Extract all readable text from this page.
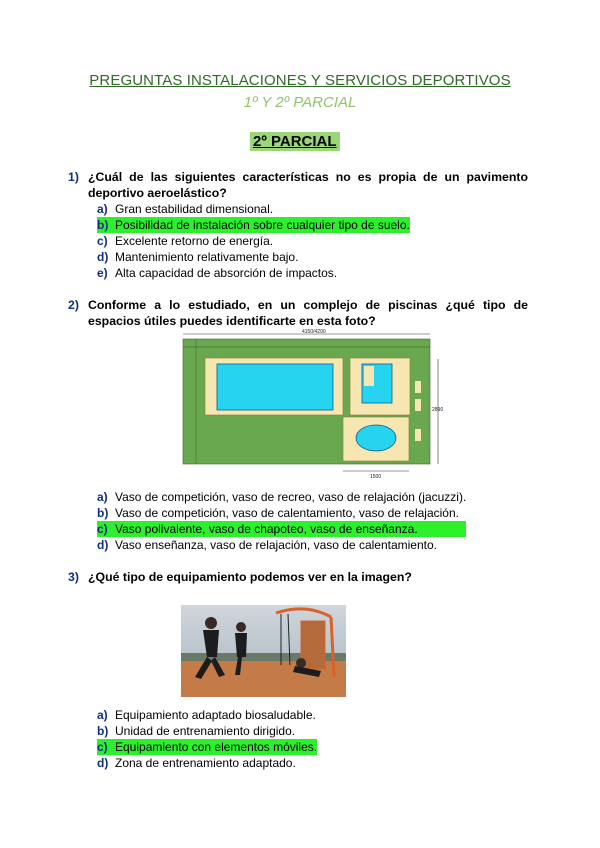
PREGUNTAS INSTALACIONES Y SERVICIOS DEPORTIVOS
1º Y 2º PARCIAL
2º PARCIAL
1) ¿Cuál de las siguientes características no es propia de un pavimento deportivo aeroelástico?
a) Gran estabilidad dimensional.
b) Posibilidad de instalación sobre cualquier tipo de suelo.
c) Excelente retorno de energía.
d) Mantenimiento relativamente bajo.
e) Alta capacidad de absorción de impactos.
2) Conforme a lo estudiado, en un complejo de piscinas ¿qué tipo de espacios útiles puedes identificarte en esta foto?
4150/4200
2890
1500
a) Vaso de competición, vaso de recreo, vaso de relajación (jacuzzi).
b) Vaso de competición, vaso de calentamiento, vaso de relajación.
c) Vaso polivalente, vaso de chapoteo, vaso de enseñanza.
d) Vaso enseñanza, vaso de relajación, vaso de calentamiento.
3) ¿Qué tipo de equipamiento podemos ver en la imagen?
a) Equipamiento adaptado biosaludable.
b) Unidad de entrenamiento dirigido.
c) Equipamiento con elementos móviles.
d) Zona de entrenamiento adaptado.
